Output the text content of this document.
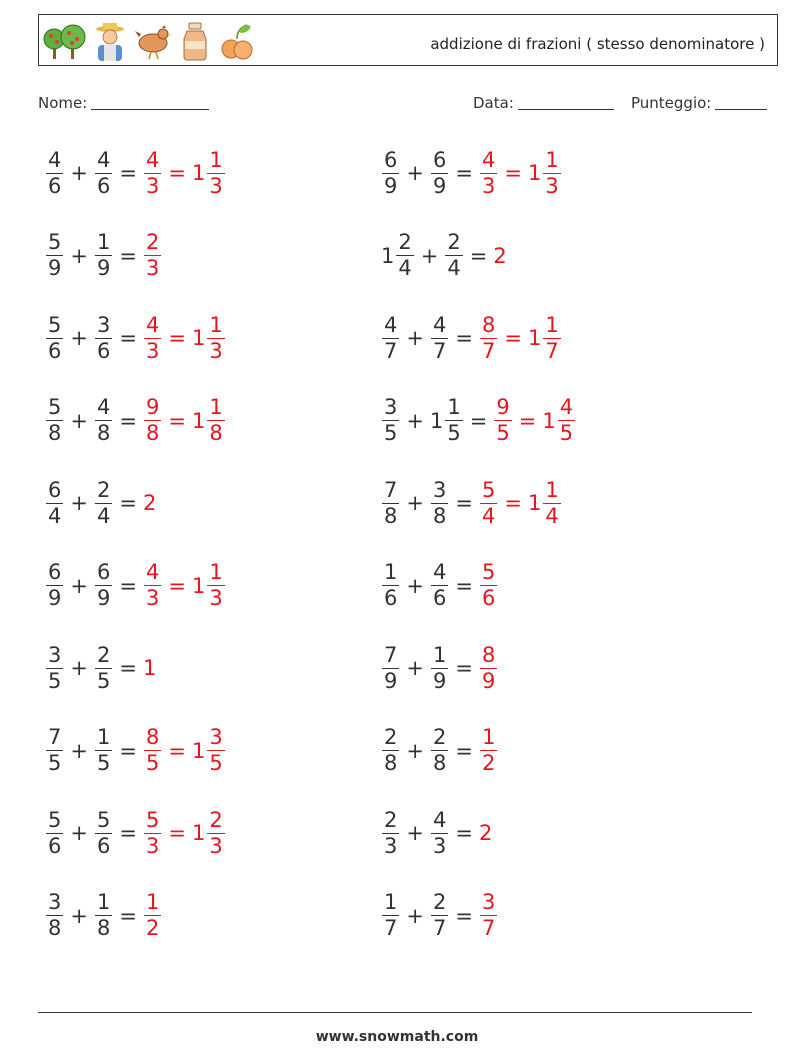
addizione di frazioni ( stesso denominatore )
Nome:	Data:	Punteggio:
$\frac{4}{6} + \frac{4}{6} = \frac{4}{3} = 1 \frac{1}{3}$	$\frac{6}{9} + \frac{6}{9} = \frac{4}{3} = 1 \frac{1}{3}$
$\frac{5}{9} + \frac{1}{9} = \frac{2}{3}$	$1 \frac{2}{4} + \frac{2}{4} = 2$
$\frac{5}{6} + \frac{3}{6} = \frac{4}{3} = 1 \frac{1}{3}$	$\frac{4}{7} + \frac{4}{7} = \frac{8}{7} = 1 \frac{1}{7}$
$\frac{5}{8} + \frac{4}{8} = \frac{9}{8} = 1 \frac{1}{8}$	$\frac{3}{5} + 1 \frac{1}{5} = \frac{9}{5} = 1 \frac{4}{5}$
$\frac{6}{4} + \frac{2}{4} = 2$	$\frac{7}{8} + \frac{3}{8} = \frac{5}{4} = 1 \frac{1}{4}$
$\frac{6}{9} + \frac{6}{9} = \frac{4}{3} = 1 \frac{1}{3}$	$\frac{1}{6} + \frac{4}{6} = \frac{5}{6}$
$\frac{3}{5} + \frac{2}{5} = 1$	$\frac{7}{9} + \frac{1}{9} = \frac{8}{9}$
$\frac{7}{5} + \frac{1}{5} = \frac{8}{5} = 1 \frac{3}{5}$	$\frac{2}{8} + \frac{2}{8} = \frac{1}{2}$
$\frac{5}{6} + \frac{5}{6} = \frac{5}{3} = 1 \frac{2}{3}$	$\frac{2}{3} + \frac{4}{3} = 2$
$\frac{3}{8} + \frac{1}{8} = \frac{1}{2}$	$\frac{1}{7} + \frac{2}{7} = \frac{3}{7}$
www.snowmath.com
